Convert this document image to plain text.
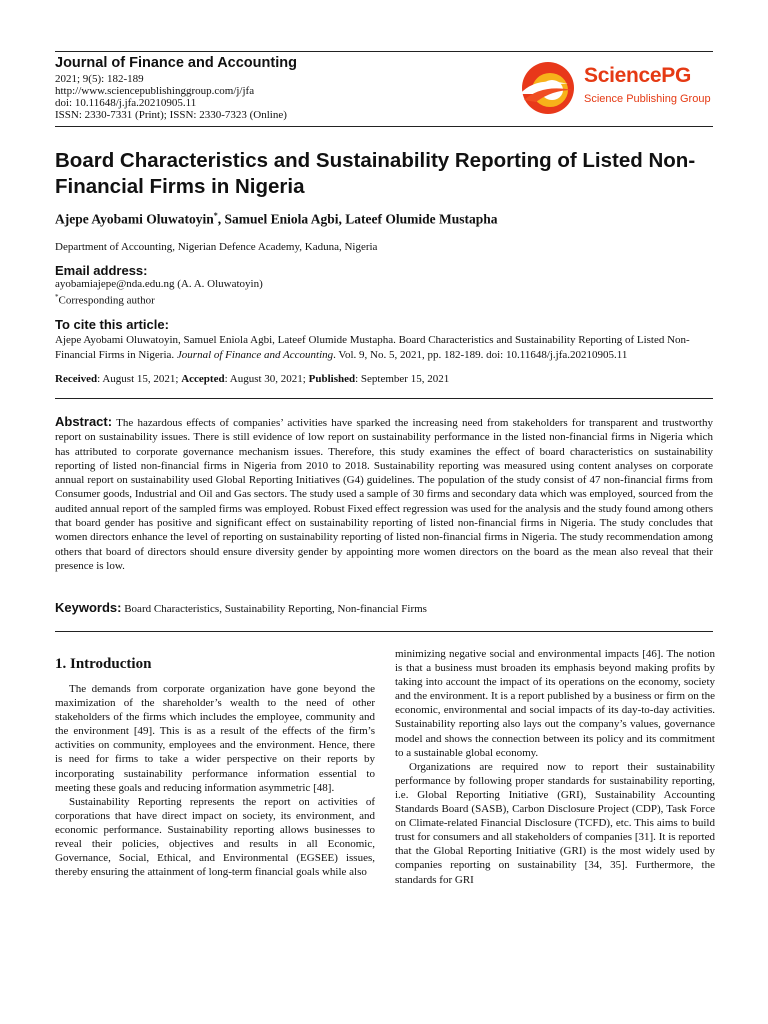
Journal of Finance and Accounting
2021; 9(5): 182-189
http://www.sciencepublishinggroup.com/j/jfa
doi: 10.11648/j.jfa.20210905.11
ISSN: 2330-7331 (Print); ISSN: 2330-7323 (Online)
SciencePG
Science Publishing Group
Board Characteristics and Sustainability Reporting of Listed Non-Financial Firms in Nigeria
Ajepe Ayobami Oluwatoyin*, Samuel Eniola Agbi, Lateef Olumide Mustapha
Department of Accounting, Nigerian Defence Academy, Kaduna, Nigeria
Email address:
ayobamiajepe@nda.edu.ng (A. A. Oluwatoyin)
*Corresponding author
To cite this article:
Ajepe Ayobami Oluwatoyin, Samuel Eniola Agbi, Lateef Olumide Mustapha. Board Characteristics and Sustainability Reporting of Listed Non-Financial Firms in Nigeria. Journal of Finance and Accounting. Vol. 9, No. 5, 2021, pp. 182-189. doi: 10.11648/j.jfa.20210905.11
Received: August 15, 2021; Accepted: August 30, 2021; Published: September 15, 2021

Abstract: The hazardous effects of companies’ activities have sparked the increasing need from stakeholders for transparent and trustworthy report on sustainability issues. There is still evidence of low report on sustainability performance in the listed non-financial firms in Nigeria which has attributed to corporate governance mechanism issues. Therefore, this study examines the effect of board characteristics on sustainability reporting of listed non-financial firms in Nigeria from 2010 to 2018. Sustainability reporting was measured using content analyses on corporate annual report on sustainability used Global Reporting Initiatives (G4) guidelines. The population of the study consist of 47 non-financial firms from Consumer goods, Industrial and Oil and Gas sectors. The study used a sample of 30 firms and secondary data which was employed, sourced from the audited annual report of the sampled firms was employed. Robust Fixed effect regression was used for the analysis and the study found among others that board gender has positive and significant effect on sustainability reporting of listed non-financial firms in Nigeria. The study concludes that women directors enhance the level of reporting on sustainability reporting of listed non-financial firms in Nigeria. The study recommendation among others that board of directors should ensure diversity gender by appointing more women directors on the board as the mean also reveal that their presence is low.

Keywords: Board Characteristics, Sustainability Reporting, Non-financial Firms
1. Introduction

The demands from corporate organization have gone beyond the maximization of the shareholder’s wealth to the need of other stakeholders of the firms which includes the employee, community and the environment [49]. This is as a result of the effects of the firm’s activities on community, employees and the environment. Hence, there is need for firms to take a wider perspective on their reports by incorporating sustainability performance information essential to meeting these goals and reducing information asymmetric [48].

Sustainability Reporting represents the report on activities of corporations that have direct impact on society, its environment, and economic performance. Sustainability reporting allows businesses to reveal their policies, objectives and results in all Economic, Governance, Social, Ethical, and Environmental (EGSEE) issues, thereby ensuring the attainment of long-term financial goals while also

minimizing negative social and environmental impacts [46]. The notion is that a business must broaden its emphasis beyond making profits by taking into account the impact of its operations on the economy, society and the environment. It is a report published by a business or firm on the economic, environmental and social impacts of its day-to-day activities. Sustainability reporting also lays out the company’s values, governance model and shows the connection between its policy and its commitment to a sustainable global economy.

Organizations are required now to report their sustainability performance by following proper standards for sustainability reporting, i.e. Global Reporting Initiative (GRI), Sustainability Accounting Standards Board (SASB), Carbon Disclosure Project (CDP), Task Force on Climate-related Financial Disclosure (TCFD), etc. This aims to build trust for consumers and all stakeholders of companies [31]. It is reported that the Global Reporting Initiative (GRI) is the most widely used by companies reporting on sustainability [34, 35]. Furthermore, the standards for GRI
